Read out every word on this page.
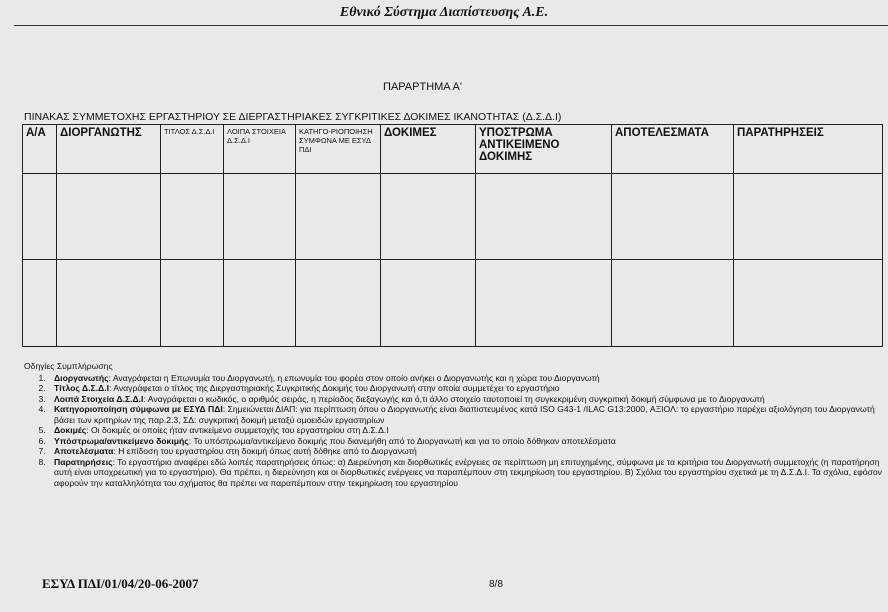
Εθνικό Σύστημα Διαπίστευσης Α.Ε.
ΠΑΡΑΡΤΗΜΑ Α'
ΠΙΝΑΚΑΣ ΣΥΜΜΕΤΟΧΗΣ ΕΡΓΑΣΤΗΡΙΟΥ ΣΕ ΔΙΕΡΓΑΣΤΗΡΙΑΚΕΣ ΣΥΓΚΡΙΤΙΚΕΣ ΔΟΚΙΜΕΣ ΙΚΑΝΟΤΗΤΑΣ (Δ.Σ.Δ.Ι)
Α/Α	ΔΙΟΡΓΑΝΩΤΗΣ	ΤΙΤΛΟΣ Δ.Σ.Δ.Ι	ΛΟΙΠΑ ΣΤΟΙΧΕΙΑ Δ.Σ.Δ.Ι	ΚΑΤΗΓΟ-ΡΙΟΠΟΙΗΣΗ ΣΥΜΦΩΝΑ ΜΕ ΕΣΥΔ ΠΔΙ	ΔΟΚΙΜΕΣ	ΥΠΟΣΤΡΩΜΑ ΑΝΤΙΚΕΙΜΕΝΟ ΔΟΚΙΜΗΣ	ΑΠΟΤΕΛΕΣΜΑΤΑ	ΠΑΡΑΤΗΡΗΣΕΙΣ

Οδηγίες Συμπλήρωσης
1. Διοργανωτής: Αναγράφεται η Επωνυμία του Διοργανωτή, η επωνυμία του φορέα στον οποίο ανήκει ο Διοργανωτής και η χώρα του Διοργανωτή
2. Τίτλος Δ.Σ.Δ.Ι: Αναγράφεται ο τίτλος της Διεργαστηριακής Συγκριτικής Δοκιμής του Διοργανωτή στην οποία συμμετέχει το εργαστήριο
3. Λοιπά Στοιχεία Δ.Σ.Δ.Ι: Αναγράφεται ο κωδικός, ο αριθμός σειράς, η περίοδος διεξαγωγής και ό,τι άλλο στοιχείο ταυτοποιεί τη συγκεκριμένη συγκριτική δοκιμή σύμφωνα με το Διοργανωτή
4. Κατηγοριοποίηση σύμφωνα με ΕΣΥΔ ΠΔΙ: Σημειώνεται ΔΙΑΠ: για περίπτωση όπου ο Διοργανωτής είναι διαπιστευμένος κατά ISO G43-1 /ILAC G13:2000, ΑΞΙΟΛ: το εργαστήριο παρέχει αξιολόγηση του Διοργανωτή βάσει των κριτηρίων της παρ.2.3, ΣΔ: συγκριτική δοκιμή μεταξύ ομοειδών εργαστηρίων
5. Δοκιμές: Οι δοκιμές οι οποίες ήταν αντικείμενο συμμετοχής του εργαστηρίου στη Δ.Σ.Δ.Ι
6. Υπόστρωμα/αντικείμενο δοκιμής: Το υπόστρωμα/αντικείμενο δοκιμής που διανεμήθη από το Διοργανωτή και για το οποίο δόθηκαν αποτελέσματα
7. Αποτελέσματα: Η επίδοση του εργαστηρίου στη δοκιμή όπως αυτή δόθηκε από το Διοργανωτή
8. Παρατηρήσεις: Το εργαστήριο αναφέρει εδώ λοιπές παρατηρήσεις όπως: α) Διερεύνηση και διορθωτικές ενέργειες σε περίπτωση μη επιτυχημένης, σύμφωνα με τα κριτήρια του Διοργανωτή συμμετοχής (η παρατήρηση αυτή είναι υποχρεωτική για το εργαστήριο). Θα πρέπει, η διερεύνηση και οι διορθωτικές ενέργειες να παραπέμπουν στη τεκμηρίωση του εργαστηρίου. Β) Σχόλια του εργαστηρίου σχετικά με τη Δ.Σ.Δ.Ι. Τα σχόλια, εφόσον αφορούν την καταλληλότητα του σχήματος θα πρέπει να παραπέμπουν στην τεκμηρίωση του εργαστηρίου
ΕΣΥΔ ΠΔΙ/01/04/20-06-2007	8/8
